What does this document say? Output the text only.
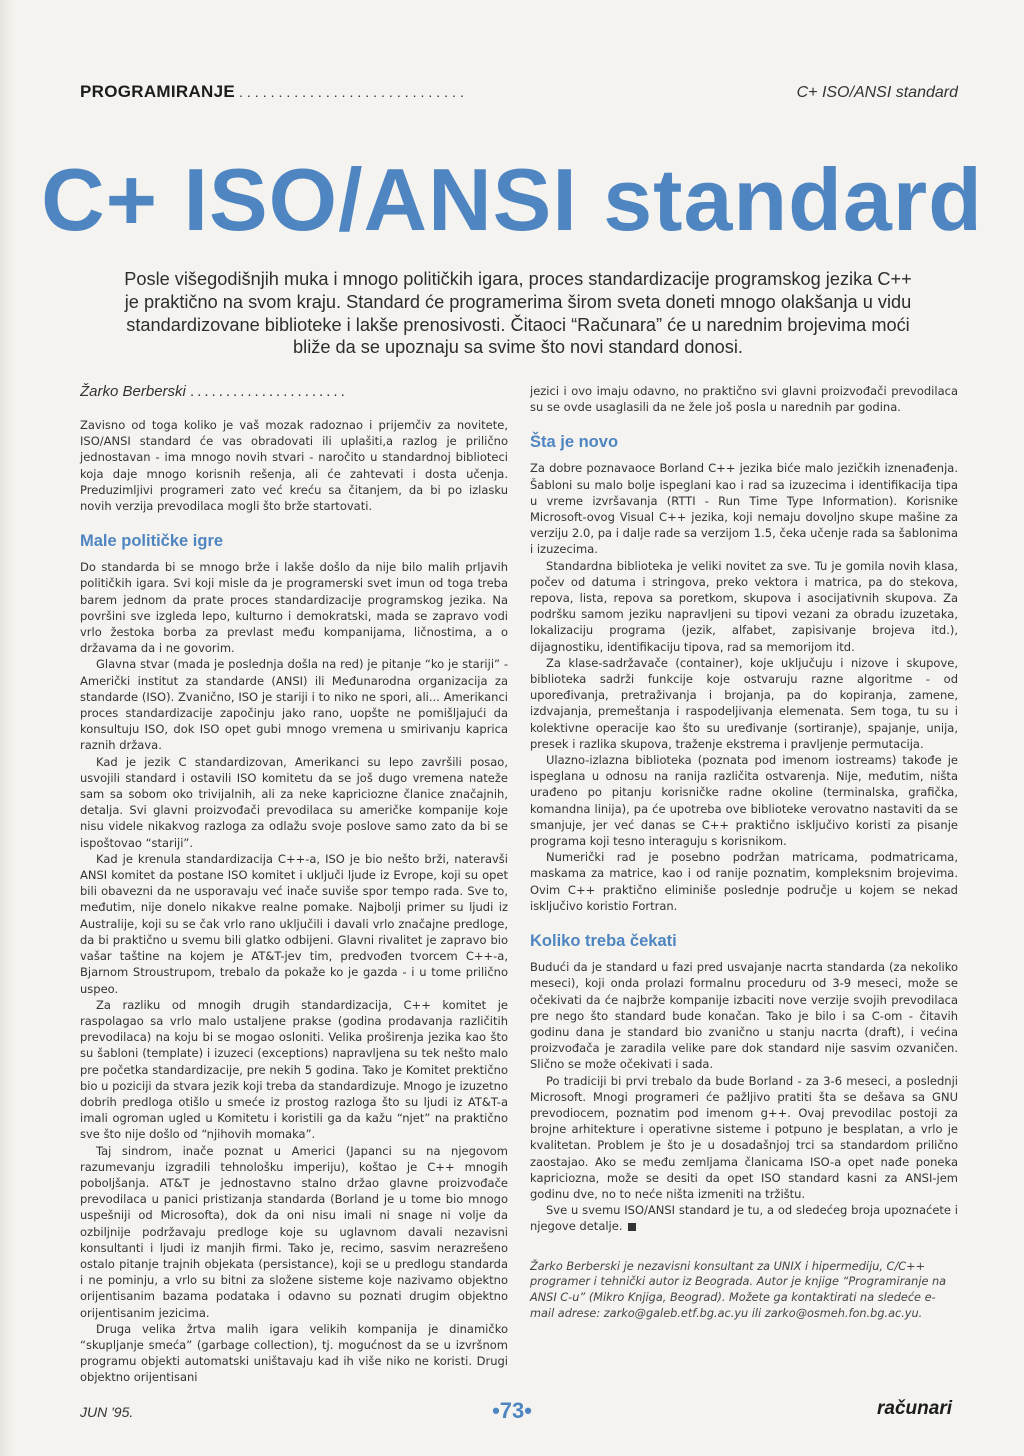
PROGRAMIRANJE .............................	C+ ISO/ANSI standard
C+ ISO/ANSI standard
Posle višegodišnjih muka i mnogo političkih igara, proces standardizacije programskog jezika C++ je praktično na svom kraju. Standard će programerima širom sveta doneti mnogo olakšanja u vidu standardizovane biblioteke i lakše prenosivosti. Čitaoci “Računara” će u narednim brojevima moći bliže da se upoznaju sa svime što novi standard donosi.
Žarko Berberski ......................

Zavisno od toga koliko je vaš mozak radoznao i prijemčiv za novitete, ISO/ANSI standard će vas obradovati ili uplašiti,a razlog je prilično jednostavan - ima mnogo novih stvari - naročito u standardnoj biblioteci koja daje mnogo korisnih rešenja, ali će zahtevati i dosta učenja. Preduzimljivi programeri zato već kreću sa čitanjem, da bi po izlasku novih verzija prevodilaca mogli što brže startovati.

Male političke igre

Do standarda bi se mnogo brže i lakše došlo da nije bilo malih prljavih političkih igara. Svi koji misle da je programerski svet imun od toga treba barem jednom da prate proces standardizacije programskog jezika. Na površini sve izgleda lepo, kulturno i demokratski, mada se zapravo vodi vrlo žestoka borba za prevlast među kompanijama, ličnostima, a o državama da i ne govorim.

Glavna stvar (mada je poslednja došla na red) je pitanje “ko je stariji” - Američki institut za standarde (ANSI) ili Međunarodna organizacija za standarde (ISO). Zvanično, ISO je stariji i to niko ne spori, ali... Amerikanci proces standardizacije započinju jako rano, uopšte ne pomišljajući da konsultuju ISO, dok ISO opet gubi mnogo vremena u smirivanju kaprica raznih država.

Kad je jezik C standardizovan, Amerikanci su lepo završili posao, usvojili standard i ostavili ISO komitetu da se još dugo vremena nateže sam sa sobom oko trivijalnih, ali za neke kapriciozne članice značajnih, detalja. Svi glavni proizvođači prevodilaca su američke kompanije koje nisu videle nikakvog razloga za odlažu svoje poslove samo zato da bi se ispoštovao “stariji”.

Kad je krenula standardizacija C++-a, ISO je bio nešto brži, nateravši ANSI komitet da postane ISO komitet i uključi ljude iz Evrope, koji su opet bili obavezni da ne usporavaju već inače suviše spor tempo rada. Sve to, međutim, nije donelo nikakve realne pomake. Najbolji primer su ljudi iz Australije, koji su se čak vrlo rano uključili i davali vrlo značajne predloge, da bi praktično u svemu bili glatko odbijeni. Glavni rivalitet je zapravo bio vašar taštine na kojem je AT&T-jev tim, predvođen tvorcem C++-a, Bjarnom Stroustrupom, trebalo da pokaže ko je gazda - i u tome prilično uspeo.

Za razliku od mnogih drugih standardizacija, C++ komitet je raspolagao sa vrlo malo ustaljene prakse (godina prodavanja različitih prevodilaca) na koju bi se mogao osloniti. Velika proširenja jezika kao što su šabloni (template) i izuzeci (exceptions) napravljena su tek nešto malo pre početka standardizacije, pre nekih 5 godina. Tako je Komitet prektično bio u poziciji da stvara jezik koji treba da standardizuje. Mnogo je izuzetno dobrih predloga otišlo u smeće iz prostog razloga što su ljudi iz AT&T-a imali ogroman ugled u Komitetu i koristili ga da kažu “njet” na praktično sve što nije došlo od “njihovih momaka”.

Taj sindrom, inače poznat u Americi (Japanci su na njegovom razumevanju izgradili tehnološku imperiju), koštao je C++ mnogih poboljšanja. AT&T je jednostavno stalno držao glavne proizvođače prevodilaca u panici pristizanja standarda (Borland je u tome bio mnogo uspešniji od Microsofta), dok da oni nisu imali ni snage ni volje da ozbiljnije podržavaju predloge koje su uglavnom davali nezavisni konsultanti i ljudi iz manjih firmi. Tako je, recimo, sasvim nerazrešeno ostalo pitanje trajnih objekata (persistance), koji se u predlogu standarda i ne pominju, a vrlo su bitni za složene sisteme koje nazivamo objektno orijentisanim bazama podataka i odavno su poznati drugim objektno orijentisanim jezicima.

Druga velika žrtva malih igara velikih kompanija je dinamičko “skupljanje smeća” (garbage collection), tj. mogućnost da se u izvršnom programu objekti automatski uništavaju kad ih više niko ne koristi. Drugi objektno orijentisani

jezici i ovo imaju odavno, no praktično svi glavni proizvođači prevodilaca su se ovde usaglasili da ne žele još posla u narednih par godina.

Šta je novo

Za dobre poznavaoce Borland C++ jezika biće malo jezičkih iznenađenja. Šabloni su malo bolje ispeglani kao i rad sa izuzecima i identifikacija tipa u vreme izvršavanja (RTTI - Run Time Type Information). Korisnike Microsoft-ovog Visual C++ jezika, koji nemaju dovoljno skupe mašine za verziju 2.0, pa i dalje rade sa verzijom 1.5, čeka učenje rada sa šablonima i izuzecima.

Standardna biblioteka je veliki novitet za sve. Tu je gomila novih klasa, počev od datuma i stringova, preko vektora i matrica, pa do stekova, repova, lista, repova sa poretkom, skupova i asocijativnih skupova. Za podršku samom jeziku napravljeni su tipovi vezani za obradu izuzetaka, lokalizaciju programa (jezik, alfabet, zapisivanje brojeva itd.), dijagnostiku, identifikaciju tipova, rad sa memorijom itd.

Za klase-sadržavače (container), koje uključuju i nizove i skupove, biblioteka sadrži funkcije koje ostvaruju razne algoritme - od upoređivanja, pretraživanja i brojanja, pa do kopiranja, zamene, izdvajanja, premeštanja i raspodeljivanja elemenata. Sem toga, tu su i kolektivne operacije kao što su uređivanje (sortiranje), spajanje, unija, presek i razlika skupova, traženje ekstrema i pravljenje permutacija.

Ulazno-izlazna biblioteka (poznata pod imenom iostreams) takođe je ispeglana u odnosu na ranija različita ostvarenja. Nije, međutim, ništa urađeno po pitanju korisničke radne okoline (terminalska, grafička, komandna linija), pa će upotreba ove biblioteke verovatno nastaviti da se smanjuje, jer već danas se C++ praktično isključivo koristi za pisanje programa koji tesno interaguju s korisnikom.

Numerički rad je posebno podržan matricama, podmatricama, maskama za matrice, kao i od ranije poznatim, kompleksnim brojevima. Ovim C++ praktično eliminiše poslednje područje u kojem se nekad isključivo koristio Fortran.

Koliko treba čekati

Budući da je standard u fazi pred usvajanje nacrta standarda (za nekoliko meseci), koji onda prolazi formalnu proceduru od 3-9 meseci, može se očekivati da će najbrže kompanije izbaciti nove verzije svojih prevodilaca pre nego što standard bude konačan. Tako je bilo i sa C-om - čitavih godinu dana je standard bio zvanično u stanju nacrta (draft), i većina proizvođača je zaradila velike pare dok standard nije sasvim ozvaničen. Slično se može očekivati i sada.

Po tradiciji bi prvi trebalo da bude Borland - za 3-6 meseci, a poslednji Microsoft. Mnogi programeri će pažljivo pratiti šta se dešava sa GNU prevodiocem, poznatim pod imenom g++. Ovaj prevodilac postoji za brojne arhitekture i operativne sisteme i potpuno je besplatan, a vrlo je kvalitetan. Problem je što je u dosadašnjoj trci sa standardom prilično zaostajao. Ako se među zemljama članicama ISO-a opet nađe poneka kapriciozna, može se desiti da opet ISO standard kasni za ANSI-jem godinu dve, no to neće ništa izmeniti na tržištu.

Sve u svemu ISO/ANSI standard je tu, a od sledećeg broja upoznaćete i njegove detalje.

Žarko Berberski je nezavisni konsultant za UNIX i hipermediju, C/C++ programer i tehnički autor iz Beograda. Autor je knjige “Programiranje na ANSI C-u” (Mikro Knjiga, Beograd). Možete ga kontaktirati na sledeće e-mail adrese: zarko@galeb.etf.bg.ac.yu ili zarko@osmeh.fon.bg.ac.yu.
JUN '95.	•73•	računari
